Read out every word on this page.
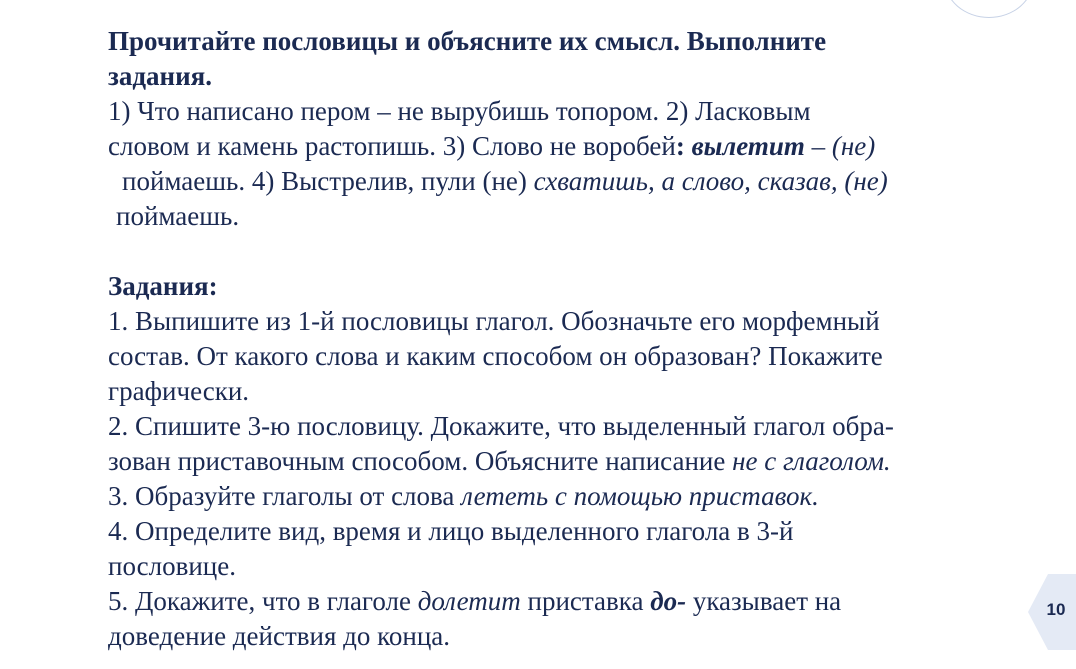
Прочитайте пословицы и объясните их смысл. Выполните
задания.
1) Что написано пером – не вырубишь топором. 2) Ласковым
словом и камень растопишь. 3) Слово не воробей: вылетит – (не)
поймаешь. 4) Выстрелив, пули (не) схватишь, а слово, сказав, (не)
поймаешь.
Задания:
1. Выпишите из 1-й пословицы глагол. Обозначьте его морфемный
состав. От какого слова и каким способом он образован? Покажите
графически.
2. Спишите 3-ю пословицу. Докажите, что выделенный глагол обра-
зован приставочным способом. Объясните написание не с глаголом.
3. Образуйте глаголы от слова лететь с помощью приставок.
4. Определите вид, время и лицо выделенного глагола в 3-й
пословице.
5. Докажите, что в глаголе долетит приставка до- указывает на
доведение действия до конца.
10
